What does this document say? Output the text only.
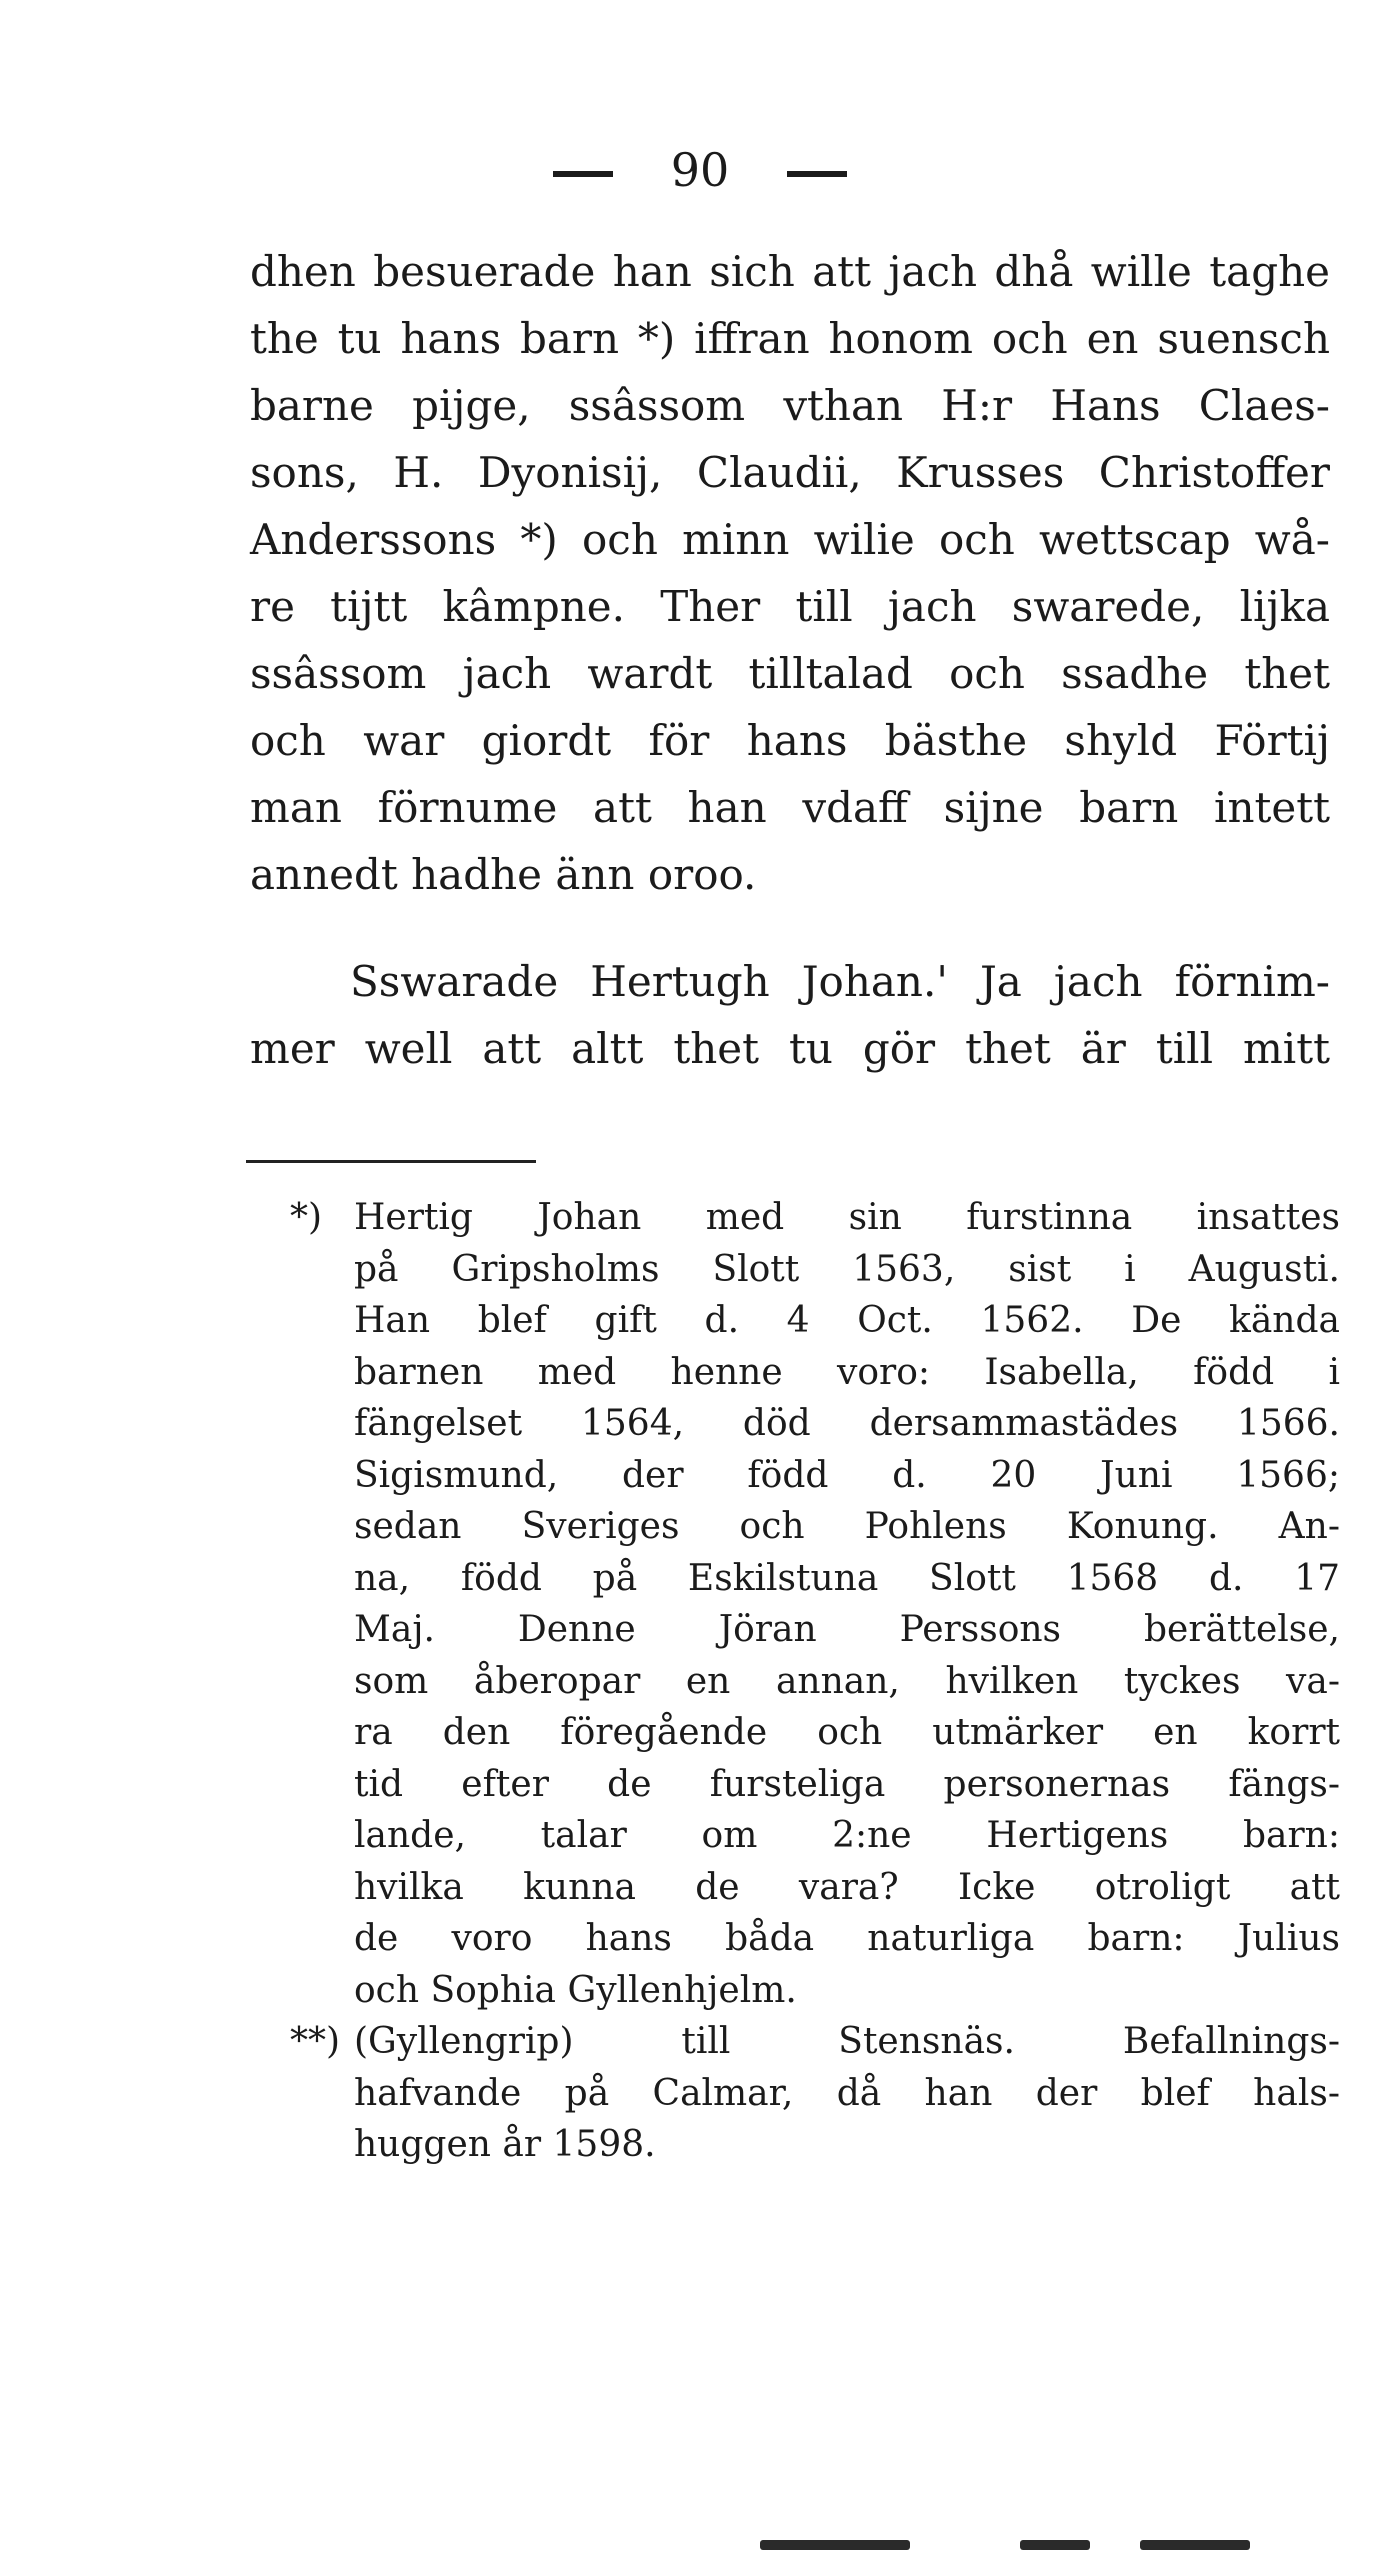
90
dhen besuerade han sich att jach dhå wille taghe
the tu hans barn *) iffran honom och en suensch
barne pijge, ssâssom vthan H:r Hans Claes-
sons, H. Dyonisij, Claudii, Krusses Christoffer
Anderssons *) och minn wilie och wettscap wå-
re tijtt kâmpne. Ther till jach swarede, lijka
ssâssom jach wardt tilltalad och ssadhe thet
och war giordt för hans bästhe shyld Förtij
man förnume att han vdaff sijne barn intett
annedt hadhe änn oroo.
Sswarade Hertugh Johan.' Ja jach förnim-
mer well att altt thet tu gör thet är till mitt
*) Hertig Johan med sin furstinna insattes
på Gripsholms Slott 1563, sist i Augusti.
Han blef gift d. 4 Oct. 1562. De kända
barnen med henne voro: Isabella, född i
fängelset 1564, död dersammastädes 1566.
Sigismund, der född d. 20 Juni 1566;
sedan Sveriges och Pohlens Konung. An-
na, född på Eskilstuna Slott 1568 d. 17
Maj. Denne Jöran Perssons berättelse,
som åberopar en annan, hvilken tyckes va-
ra den föregående och utmärker en korrt
tid efter de fursteliga personernas fängs-
lande, talar om 2:ne Hertigens barn:
hvilka kunna de vara? Icke otroligt att
de voro hans båda naturliga barn: Julius
och Sophia Gyllenhjelm.
**) (Gyllengrip) till Stensnäs. Befallnings-
hafvande på Calmar, då han der blef hals-
huggen år 1598.
